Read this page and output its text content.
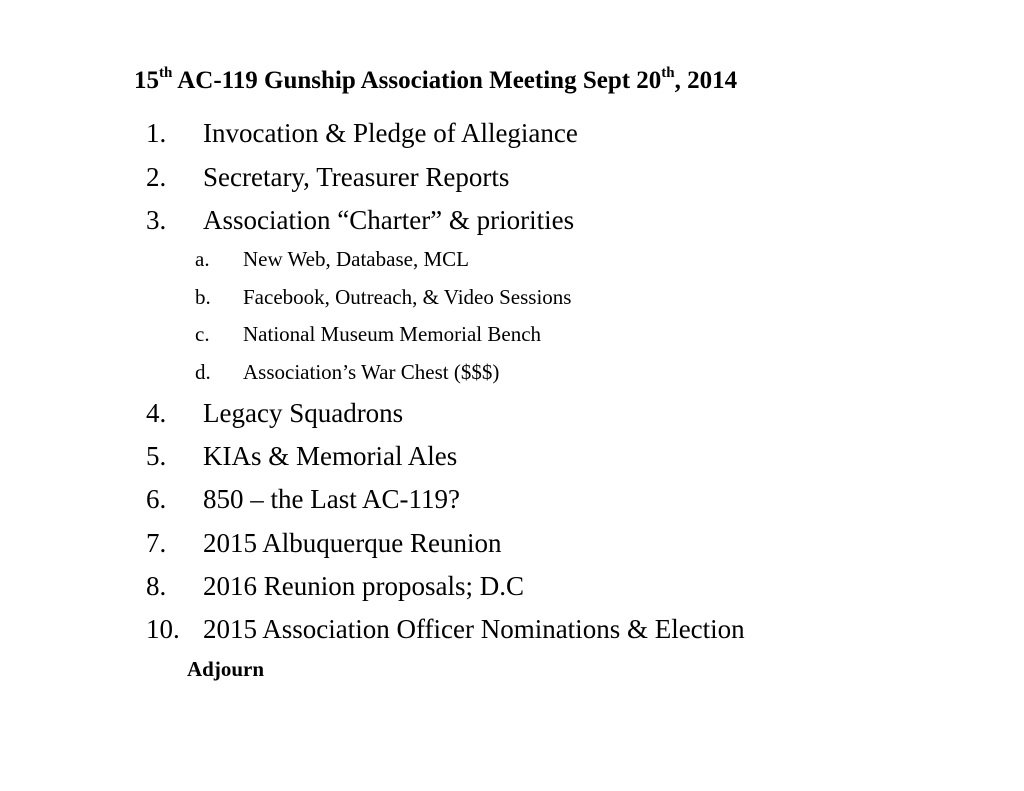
15th AC-119 Gunship Association Meeting Sept 20th, 2014
1. Invocation & Pledge of Allegiance
2. Secretary, Treasurer Reports
3. Association “Charter” & priorities
a. New Web, Database, MCL
b. Facebook, Outreach, & Video Sessions
c. National Museum Memorial Bench
d. Association’s War Chest ($$$)
4. Legacy Squadrons
5. KIAs & Memorial Ales
6. 850 – the Last AC-119?
7. 2015 Albuquerque Reunion
8. 2016 Reunion proposals; D.C
10. 2015 Association Officer Nominations & Election
Adjourn
